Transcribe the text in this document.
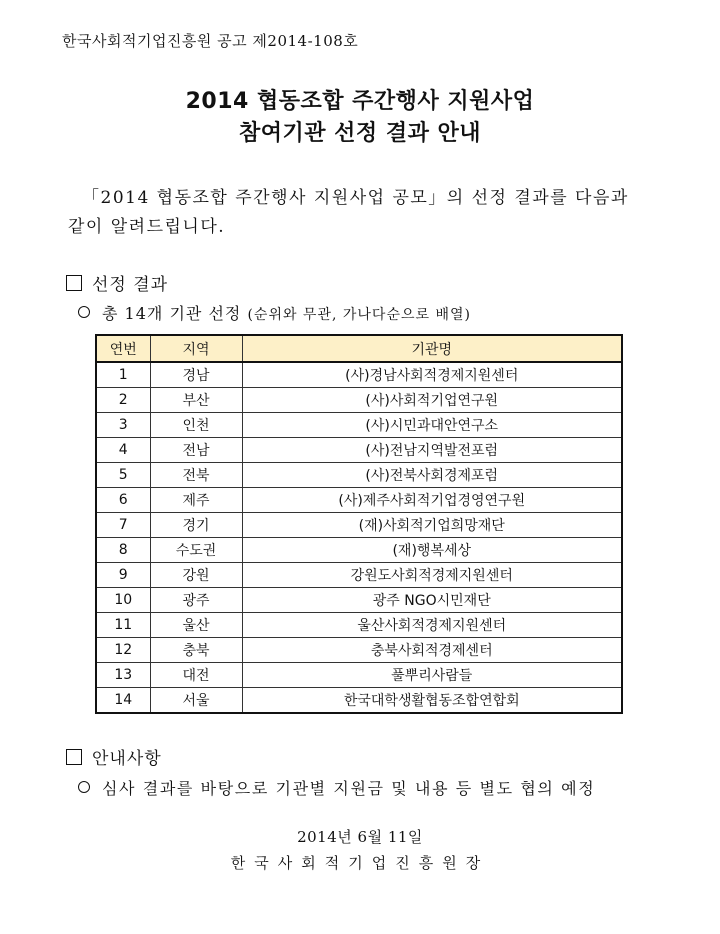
한국사회적기업진흥원 공고 제2014-108호
2014 협동조합 주간행사 지원사업
참여기관 선정 결과 안내
「2014 협동조합 주간행사 지원사업 공모」의 선정 결과를 다음과
같이 알려드립니다.
선정 결과
총 14개 기관 선정 (순위와 무관, 가나다순으로 배열)
연번	지역	기관명
1	경남	(사)경남사회적경제지원센터
2	부산	(사)사회적기업연구원
3	인천	(사)시민과대안연구소
4	전남	(사)전남지역발전포럼
5	전북	(사)전북사회경제포럼
6	제주	(사)제주사회적기업경영연구원
7	경기	(재)사회적기업희망재단
8	수도권	(재)행복세상
9	강원	강원도사회적경제지원센터
10	광주	광주 NGO시민재단
11	울산	울산사회적경제지원센터
12	충북	충북사회적경제센터
13	대전	풀뿌리사람들
14	서울	한국대학생활협동조합연합회
안내사항
심사 결과를 바탕으로 기관별 지원금 및 내용 등 별도 협의 예정
2014년 6월 11일
한국사회적기업진흥원장
